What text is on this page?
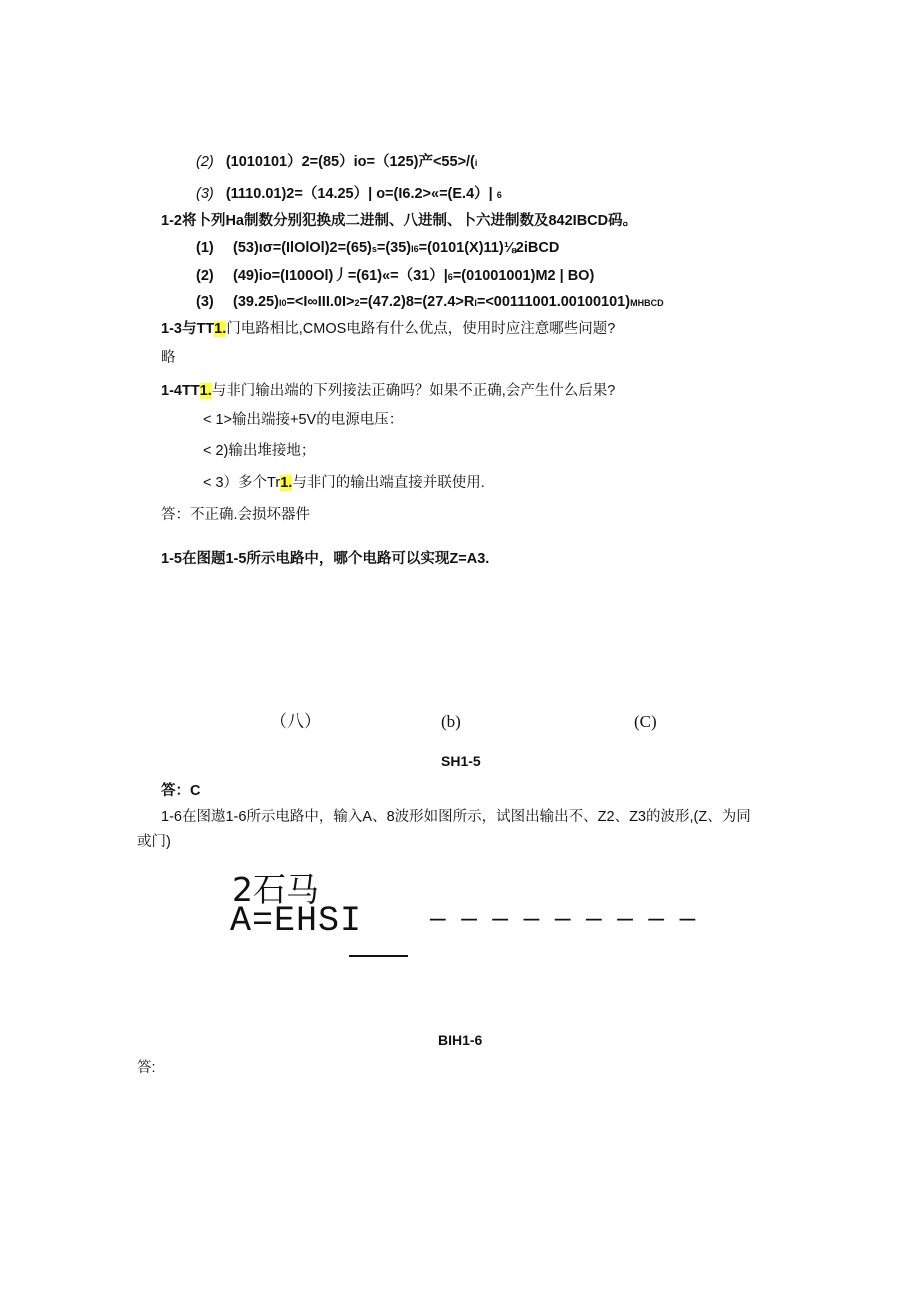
(2) (1010101）2=(85）io=（125)产<55>/(i
(3) (1110.01)2=（14.25）| o=(I6.2>«=(E.4）| 6
1-2将卜列Ha制数分别犯换成二进制、八进制、卜六进制数及842IBCD码。
(1) (53)ισ=(IlOlOl)2=(65)s=(35)I6=(0101(X)11)⅛2iBCD
(2) (49)io=(I100Ol)丿=(61)«=（31）|6=(01001001)M2 | BO)
(3) (39.25)I0=<I∞III.0I>2=(47.2)8=(27.4>RI=<00111001.00100101)MHBCD
1-3与TT1.门电路相比,CMOS电路有什么优点，使用时应注意哪些问题?
略
1-4TT1.与非门输出端的下列接法正确吗？如果不正确,会产生什么后果?
< 1>输出端接+5V的电源电压：
< 2)输出堆接地；
< 3）多个Tr1.与非门的输出端直接并联使用.
答：不正确.会损坏器件
1-5在图题1-5所示电路中，哪个电路可以实现Z=A3.
（八）	(b)	(C)
SH1-5
答：C
1-6在图遨1-6所示电路中，输入A、8波形如图所示，试图出输出不、Z2、Z3的波形,(Z、为同
或门)
2石马
A=EHSI	— — — — — — — — —
BIH1-6
答:
